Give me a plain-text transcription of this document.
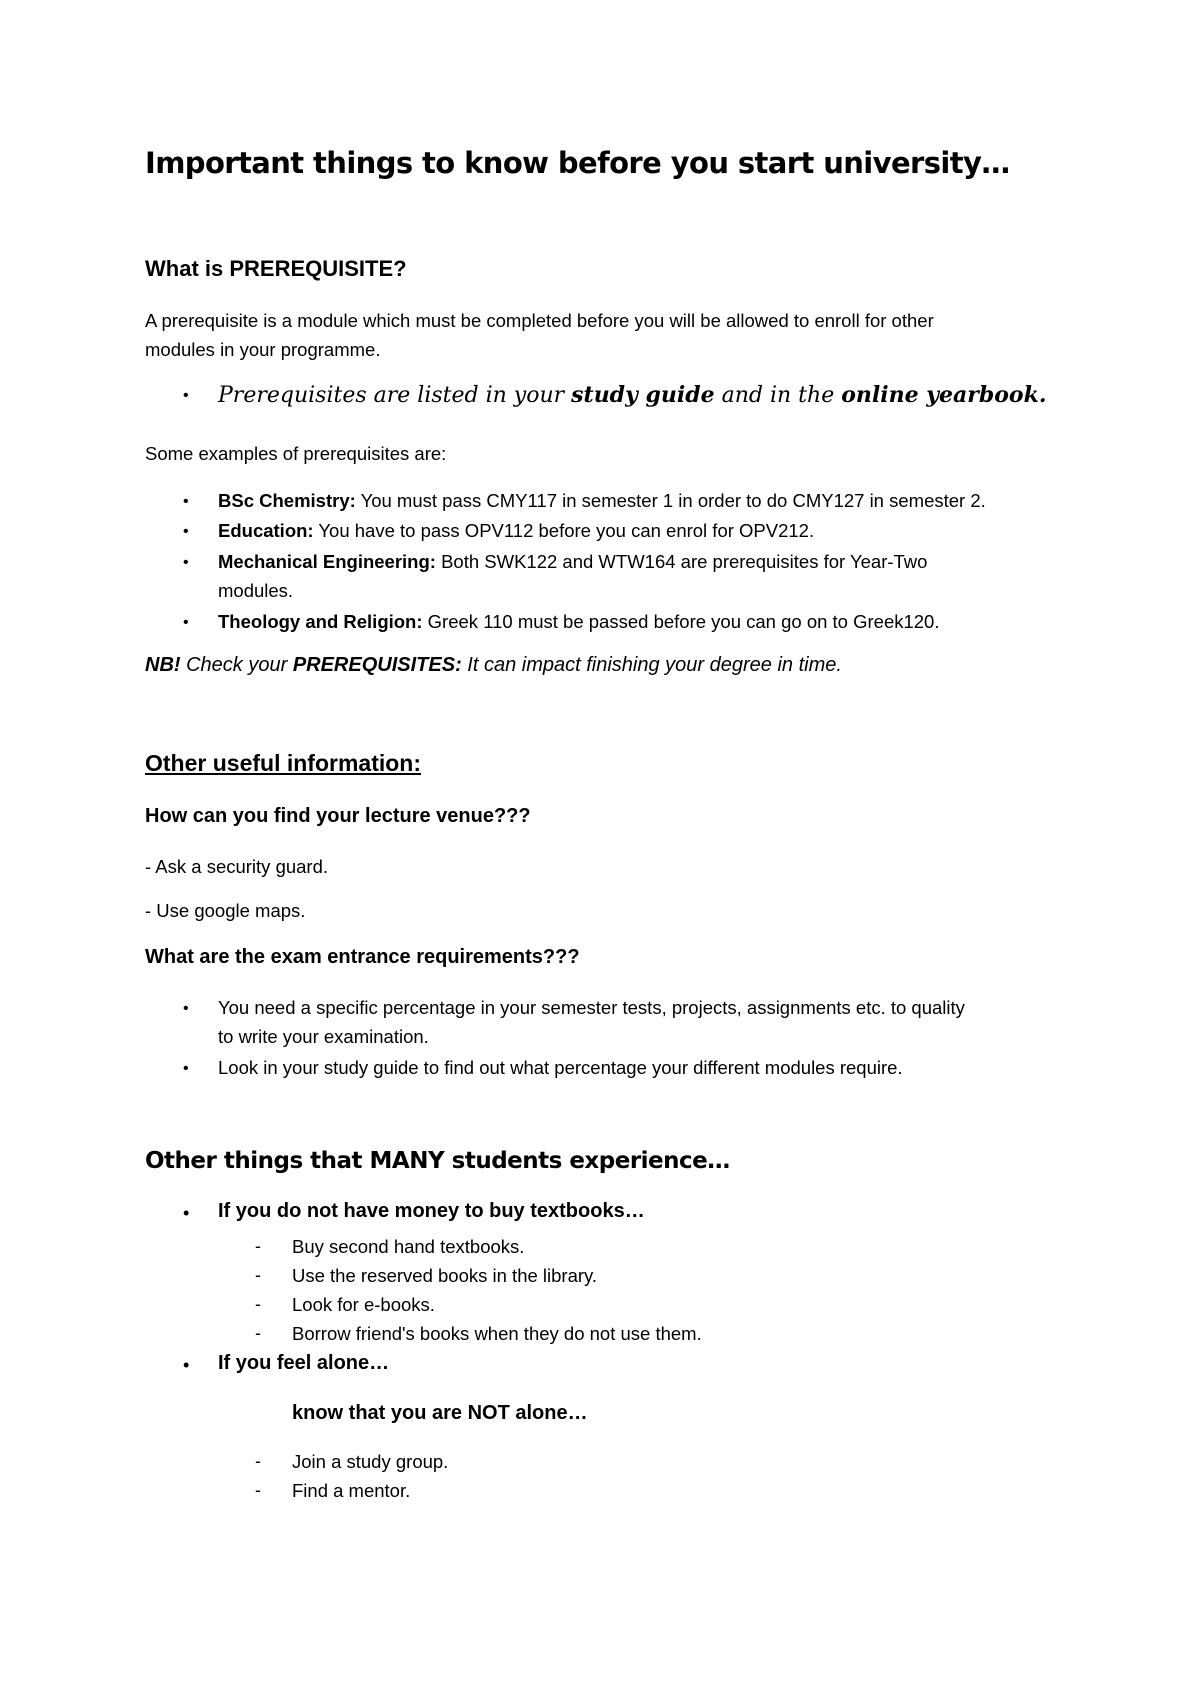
Important things to know before you start university…
What is PREREQUISITE?
A prerequisite is a module which must be completed before you will be allowed to enroll for other
modules in your programme.
• Prerequisites are listed in your study guide and in the online yearbook.
Some examples of prerequisites are:
• BSc Chemistry: You must pass CMY117 in semester 1 in order to do CMY127 in semester 2.
• Education: You have to pass OPV112 before you can enrol for OPV212.
• Mechanical Engineering: Both SWK122 and WTW164 are prerequisites for Year-Two
modules.
• Theology and Religion: Greek 110 must be passed before you can go on to Greek120.
NB! Check your PREREQUISITES: It can impact finishing your degree in time.
Other useful information:
How can you find your lecture venue???
- Ask a security guard.
- Use google maps.
What are the exam entrance requirements???
• You need a specific percentage in your semester tests, projects, assignments etc. to quality
to write your examination.
• Look in your study guide to find out what percentage your different modules require.
Other things that MANY students experience…
• If you do not have money to buy textbooks…
- Buy second hand textbooks.
- Use the reserved books in the library.
- Look for e-books.
- Borrow friend's books when they do not use them.
• If you feel alone…
know that you are NOT alone…
- Join a study group.
- Find a mentor.
